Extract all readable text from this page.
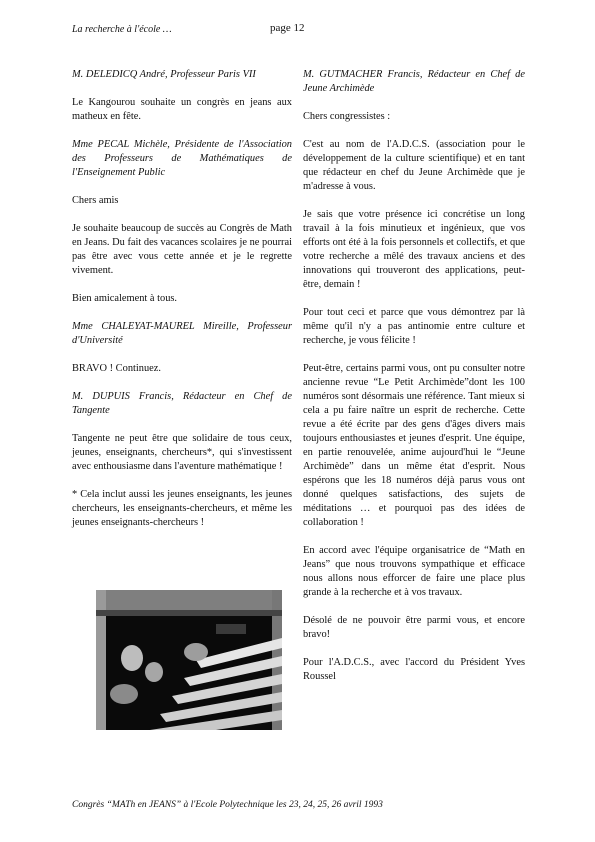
La recherche à l'école …	page 12

M. DELEDICQ André, Professeur Paris VII

Le Kangourou souhaite un congrès en jeans aux matheux en fête.

Mme PECAL Michèle, Présidente de l'Association des Professeurs de Mathématiques de l'Enseignement Public

Chers amis

Je souhaite beaucoup de succès au Congrès de Math en Jeans. Du fait des vacances scolaires je ne pourrai pas être avec vous cette année et je le regrette vivement.

Bien amicalement à tous.

Mme CHALEYAT-MAUREL Mireille, Professeur d'Université

BRAVO ! Continuez.

M. DUPUIS Francis, Rédacteur en Chef de Tangente

Tangente ne peut être que solidaire de tous ceux, jeunes, enseignants, chercheurs*, qui s'investissent avec enthousiasme dans l'aventure mathématique !

* Cela inclut aussi les jeunes enseignants, les jeunes chercheurs, les enseignants-chercheurs, et même les jeunes enseignants-chercheurs !

M. GUTMACHER Francis, Rédacteur en Chef de Jeune Archimède

Chers congressistes :

C'est au nom de l'A.D.C.S. (association pour le développement de la culture scientifique) et en tant que rédacteur en chef du Jeune Archimède que je m'adresse à vous.

Je sais que votre présence ici concrétise un long travail à la fois minutieux et ingénieux, que vos efforts ont été à la fois personnels et collectifs, et que votre recherche a mêlé des travaux anciens et des innovations qui trouveront des applications, peut-être, demain !

Pour tout ceci et parce que vous démontrez par là même qu'il n'y a pas antinomie entre culture et recherche, je vous félicite !

Peut-être, certains parmi vous, ont pu consulter notre ancienne revue “Le Petit Archimède”dont les 100 numéros sont désormais une référence. Tant mieux si cela a pu faire naître un esprit de recherche. Cette revue a été écrite par des gens d'âges divers mais toujours enthousiastes et jeunes d'esprit. Une équipe, en partie renouvelée, anime aujourd'hui le “Jeune Archimède” dans un même état d'esprit. Nous espérons que les 18 numéros déjà parus vous ont donné quelques satisfactions, des sujets de méditations … et pourquoi pas des idées de collaboration !

En accord avec l'équipe organisatrice de “Math en Jeans” que nous trouvons sympathique et efficace nous allons nous efforcer de faire une place plus grande à la recherche et à vos travaux.

Désolé de ne pouvoir être parmi vous, et encore bravo!

Pour l'A.D.C.S., avec l'accord du Président Yves Roussel

Congrès “MATh en JEANS” à l'Ecole Polytechnique les 23, 24, 25, 26 avril 1993
